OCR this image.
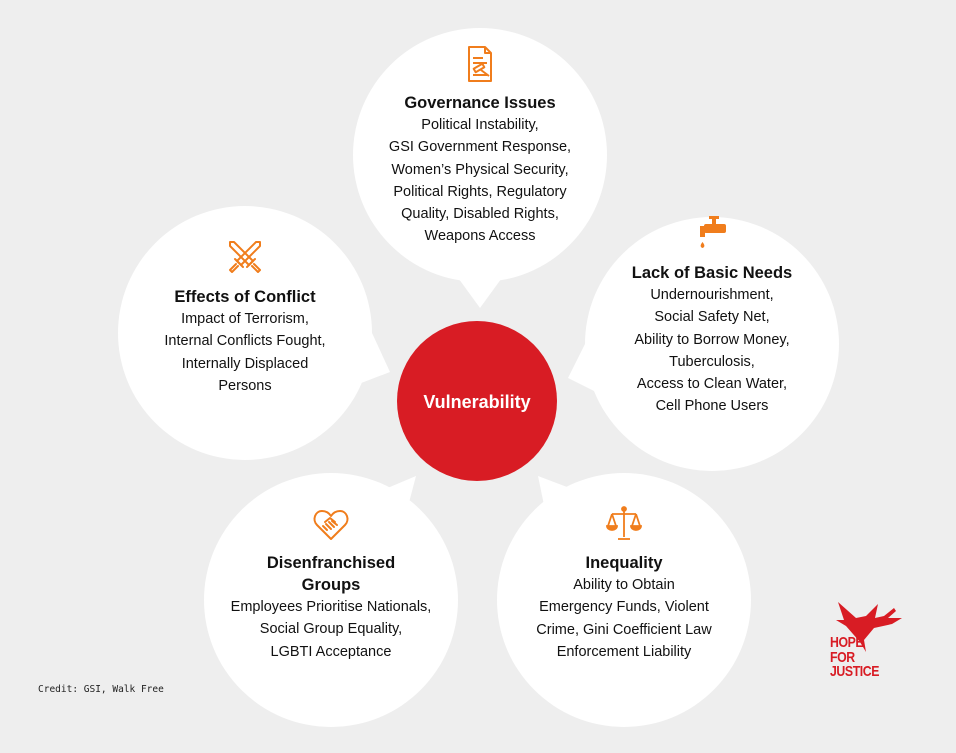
Vulnerability
Governance Issues
Political Instability,
GSI Government Response,
Women’s Physical Security,
Political Rights, Regulatory
Quality, Disabled Rights,
Weapons Access
Lack of Basic Needs
Undernourishment,
Social Safety Net,
Ability to Borrow Money,
Tuberculosis,
Access to Clean Water,
Cell Phone Users
Inequality
Ability to Obtain
Emergency Funds, Violent
Crime, Gini Coefficient Law
Enforcement Liability
Disenfranchised
Groups
Employees Prioritise Nationals,
Social Group Equality,
LGBTI Acceptance
Effects of Conflict
Impact of Terrorism,
Internal Conflicts Fought,
Internally Displaced
Persons
Credit: GSI, Walk Free
HOPE
FOR
JUSTICE
